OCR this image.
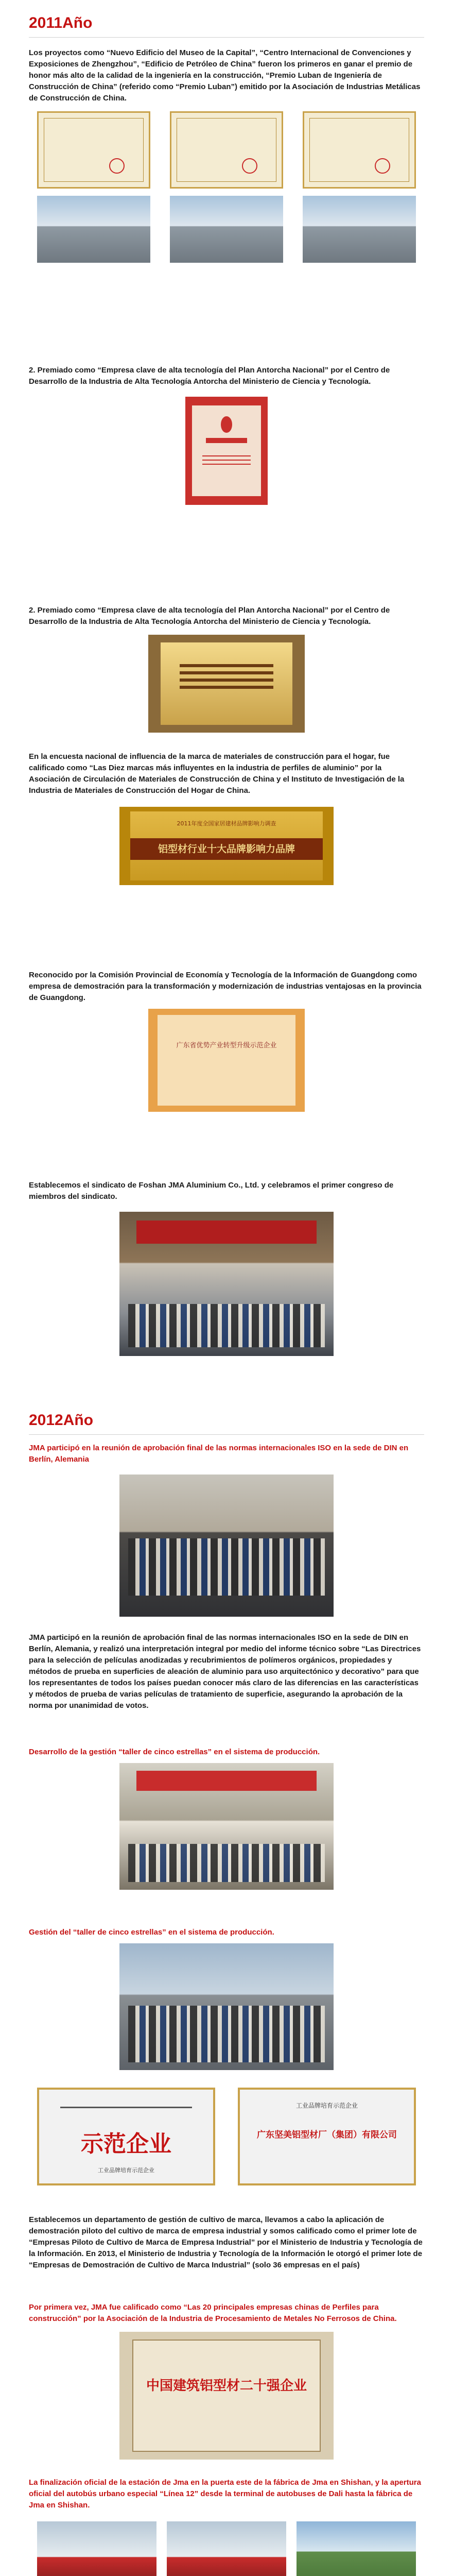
2011Año

Los proyectos como “Nuevo Edificio del Museo de la Capital”, “Centro Internacional de Convenciones y Exposiciones de Zhengzhou”, “Edificio de Petróleo de China” fueron los primeros en ganar el premio de honor más alto de la calidad de la ingeniería en la construcción, “Premio Luban de Ingeniería de Construcción de China” (referido como “Premio Luban”) emitido por la Asociación de Industrias Metálicas de Construcción de China.

2. Premiado como “Empresa clave de alta tecnología del Plan Antorcha Nacional” por el Centro de Desarrollo de la Industria de Alta Tecnología Antorcha del Ministerio de Ciencia y Tecnología.

2. Premiado como “Empresa clave de alta tecnología del Plan Antorcha Nacional” por el Centro de Desarrollo de la Industria de Alta Tecnología Antorcha del Ministerio de Ciencia y Tecnología.

En la encuesta nacional de influencia de la marca de materiales de construcción para el hogar, fue calificado como “Las Diez marcas más influyentes en la industria de perfiles de aluminio” por la Asociación de Circulación de Materiales de Construcción de China y el Instituto de Investigación de la Industria de Materiales de Construcción del Hogar de China.

2011年度全国家居建材品牌影响力调查
铝型材行业十大品牌影响力品牌

Reconocido por la Comisión Provincial de Economía y Tecnología de la Información de Guangdong como empresa de demostración para la transformación y modernización de industrias ventajosas en la provincia de Guangdong.

广东省优势产业转型升级示范企业

Establecemos el sindicato de Foshan JMA Aluminium Co., Ltd. y celebramos el primer congreso de miembros del sindicato.

2012Año

JMA participó en la reunión de aprobación final de las normas internacionales ISO en la sede de DIN en Berlín, Alemania

JMA participó en la reunión de aprobación final de las normas internacionales ISO en la sede de DIN en Berlín, Alemania, y realizó una interpretación integral por medio del informe técnico sobre “Las Directrices para la selección de películas anodizadas y recubrimientos de polímeros orgánicos, propiedades y métodos de prueba en superficies de aleación de aluminio para uso arquitectónico y decorativo” para que los representantes de todos los países puedan conocer más claro de las diferencias en las características y métodos de prueba de varias películas de tratamiento de superficie, asegurando la aprobación de la norma por unanimidad de votos.

Desarrollo de la gestión “taller de cinco estrellas” en el sistema de producción.

Gestión del “taller de cinco estrellas” en el sistema de producción.

示范企业
工业品牌培育示范企业
工业品牌培育示范企业
广东坚美铝型材厂（集团）有限公司

Establecemos un departamento de gestión de cultivo de marca, llevamos a cabo la aplicación de demostración piloto del cultivo de marca de empresa industrial y somos calificado como el primer lote de “Empresas Piloto de Cultivo de Marca de Empresa Industrial” por el Ministerio de Industria y Tecnología de la Información. En 2013, el Ministerio de Industria y Tecnología de la Información le otorgó el primer lote de “Empresas de Demostración de Cultivo de Marca Industrial” (solo 36 empresas en el país)

Por primera vez, JMA fue calificado como “Las 20 principales empresas chinas de Perfiles para construcción” por la Asociación de la Industria de Procesamiento de Metales No Ferrosos de China.

中国建筑铝型材二十强企业

La finalización oficial de la estación de Jma en la puerta este de la fábrica de Jma en Shishan, y la apertura oficial del autobús urbano especial “Línea 12” desde la terminal de autobuses de Dali hasta la fábrica de Jma en Shishan.
